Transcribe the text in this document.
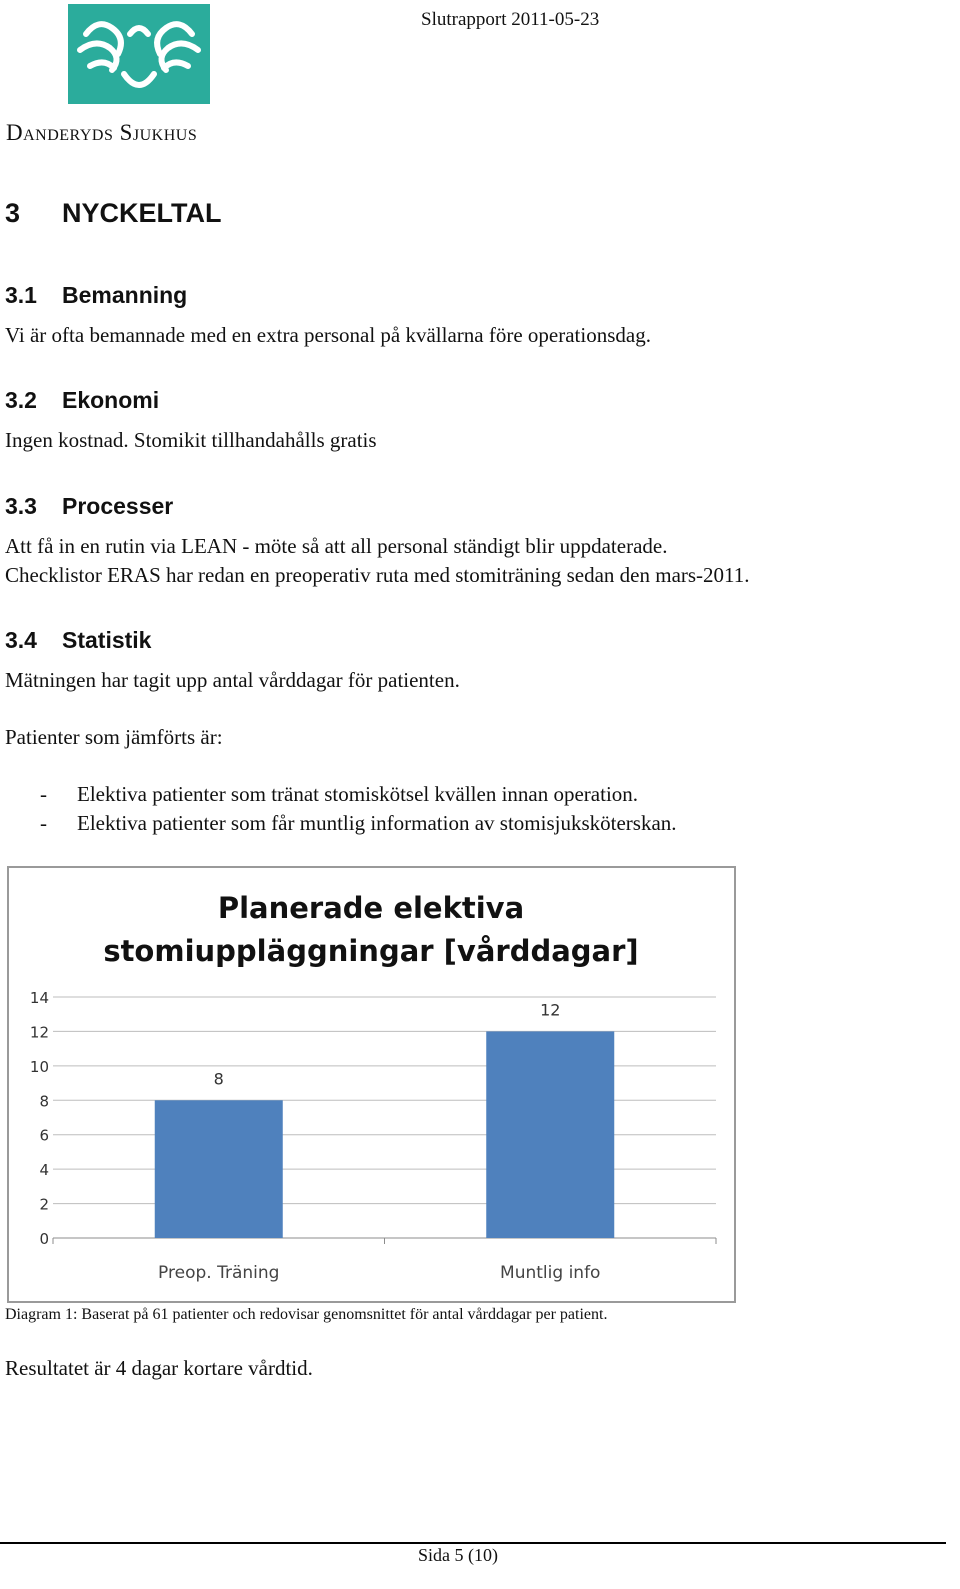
Danderyds Sjukhus
Slutrapport 2011-05-23
3 NYCKELTAL
3.1 Bemanning
Vi är ofta bemannade med en extra personal på kvällarna före operationsdag.
3.2 Ekonomi
Ingen kostnad. Stomikit tillhandahålls gratis
3.3 Processer
Att få in en rutin via LEAN - möte så att all personal ständigt blir uppdaterade.
Checklistor ERAS har redan en preoperativ ruta med stomiträning sedan den mars-2011.
3.4 Statistik
Mätningen har tagit upp antal vårddagar för patienten.
Patienter som jämförts är:
- Elektiva patienter som tränat stomiskötsel kvällen innan operation.
- Elektiva patienter som får muntlig information av stomisjuksköterskan.
Planerade elektiva
stomiuppläggningar [vårddagar]
0
2
4
6
8
10
12
14
8
12
Preop. Träning	Muntlig info
Diagram 1: Baserat på 61 patienter och redovisar genomsnittet för antal vårddagar per patient.
Resultatet är 4 dagar kortare vårdtid.
Sida 5 (10)
